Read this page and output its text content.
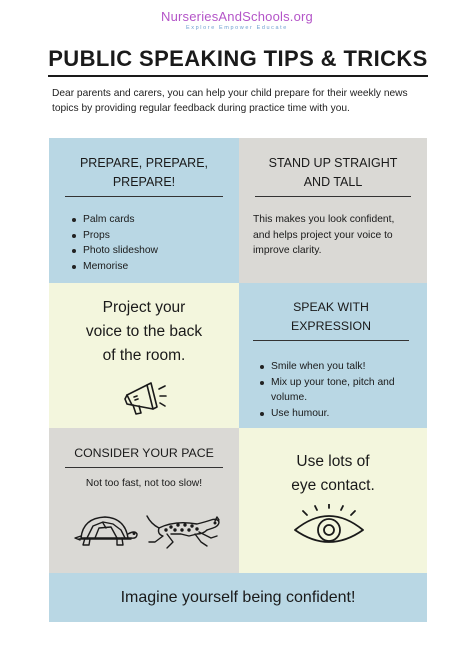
NurseriesAndSchools.org
Explore Empower Educate
PUBLIC SPEAKING TIPS & TRICKS
Dear parents and carers, you can help your child prepare for their weekly news topics by providing regular feedback during practice time with you.
PREPARE, PREPARE,
PREPARE!
Palm cards
Props
Photo slideshow
Memorise
STAND UP STRAIGHT
AND TALL
This makes you look confident, and helps project your voice to improve clarity.
Project your
voice to the back
of the room.
SPEAK WITH EXPRESSION
Smile when you talk!
Mix up your tone, pitch and volume.
Use humour.
CONSIDER YOUR PACE
Not too fast, not too slow!
Use lots of
eye contact.
Imagine yourself being confident!
